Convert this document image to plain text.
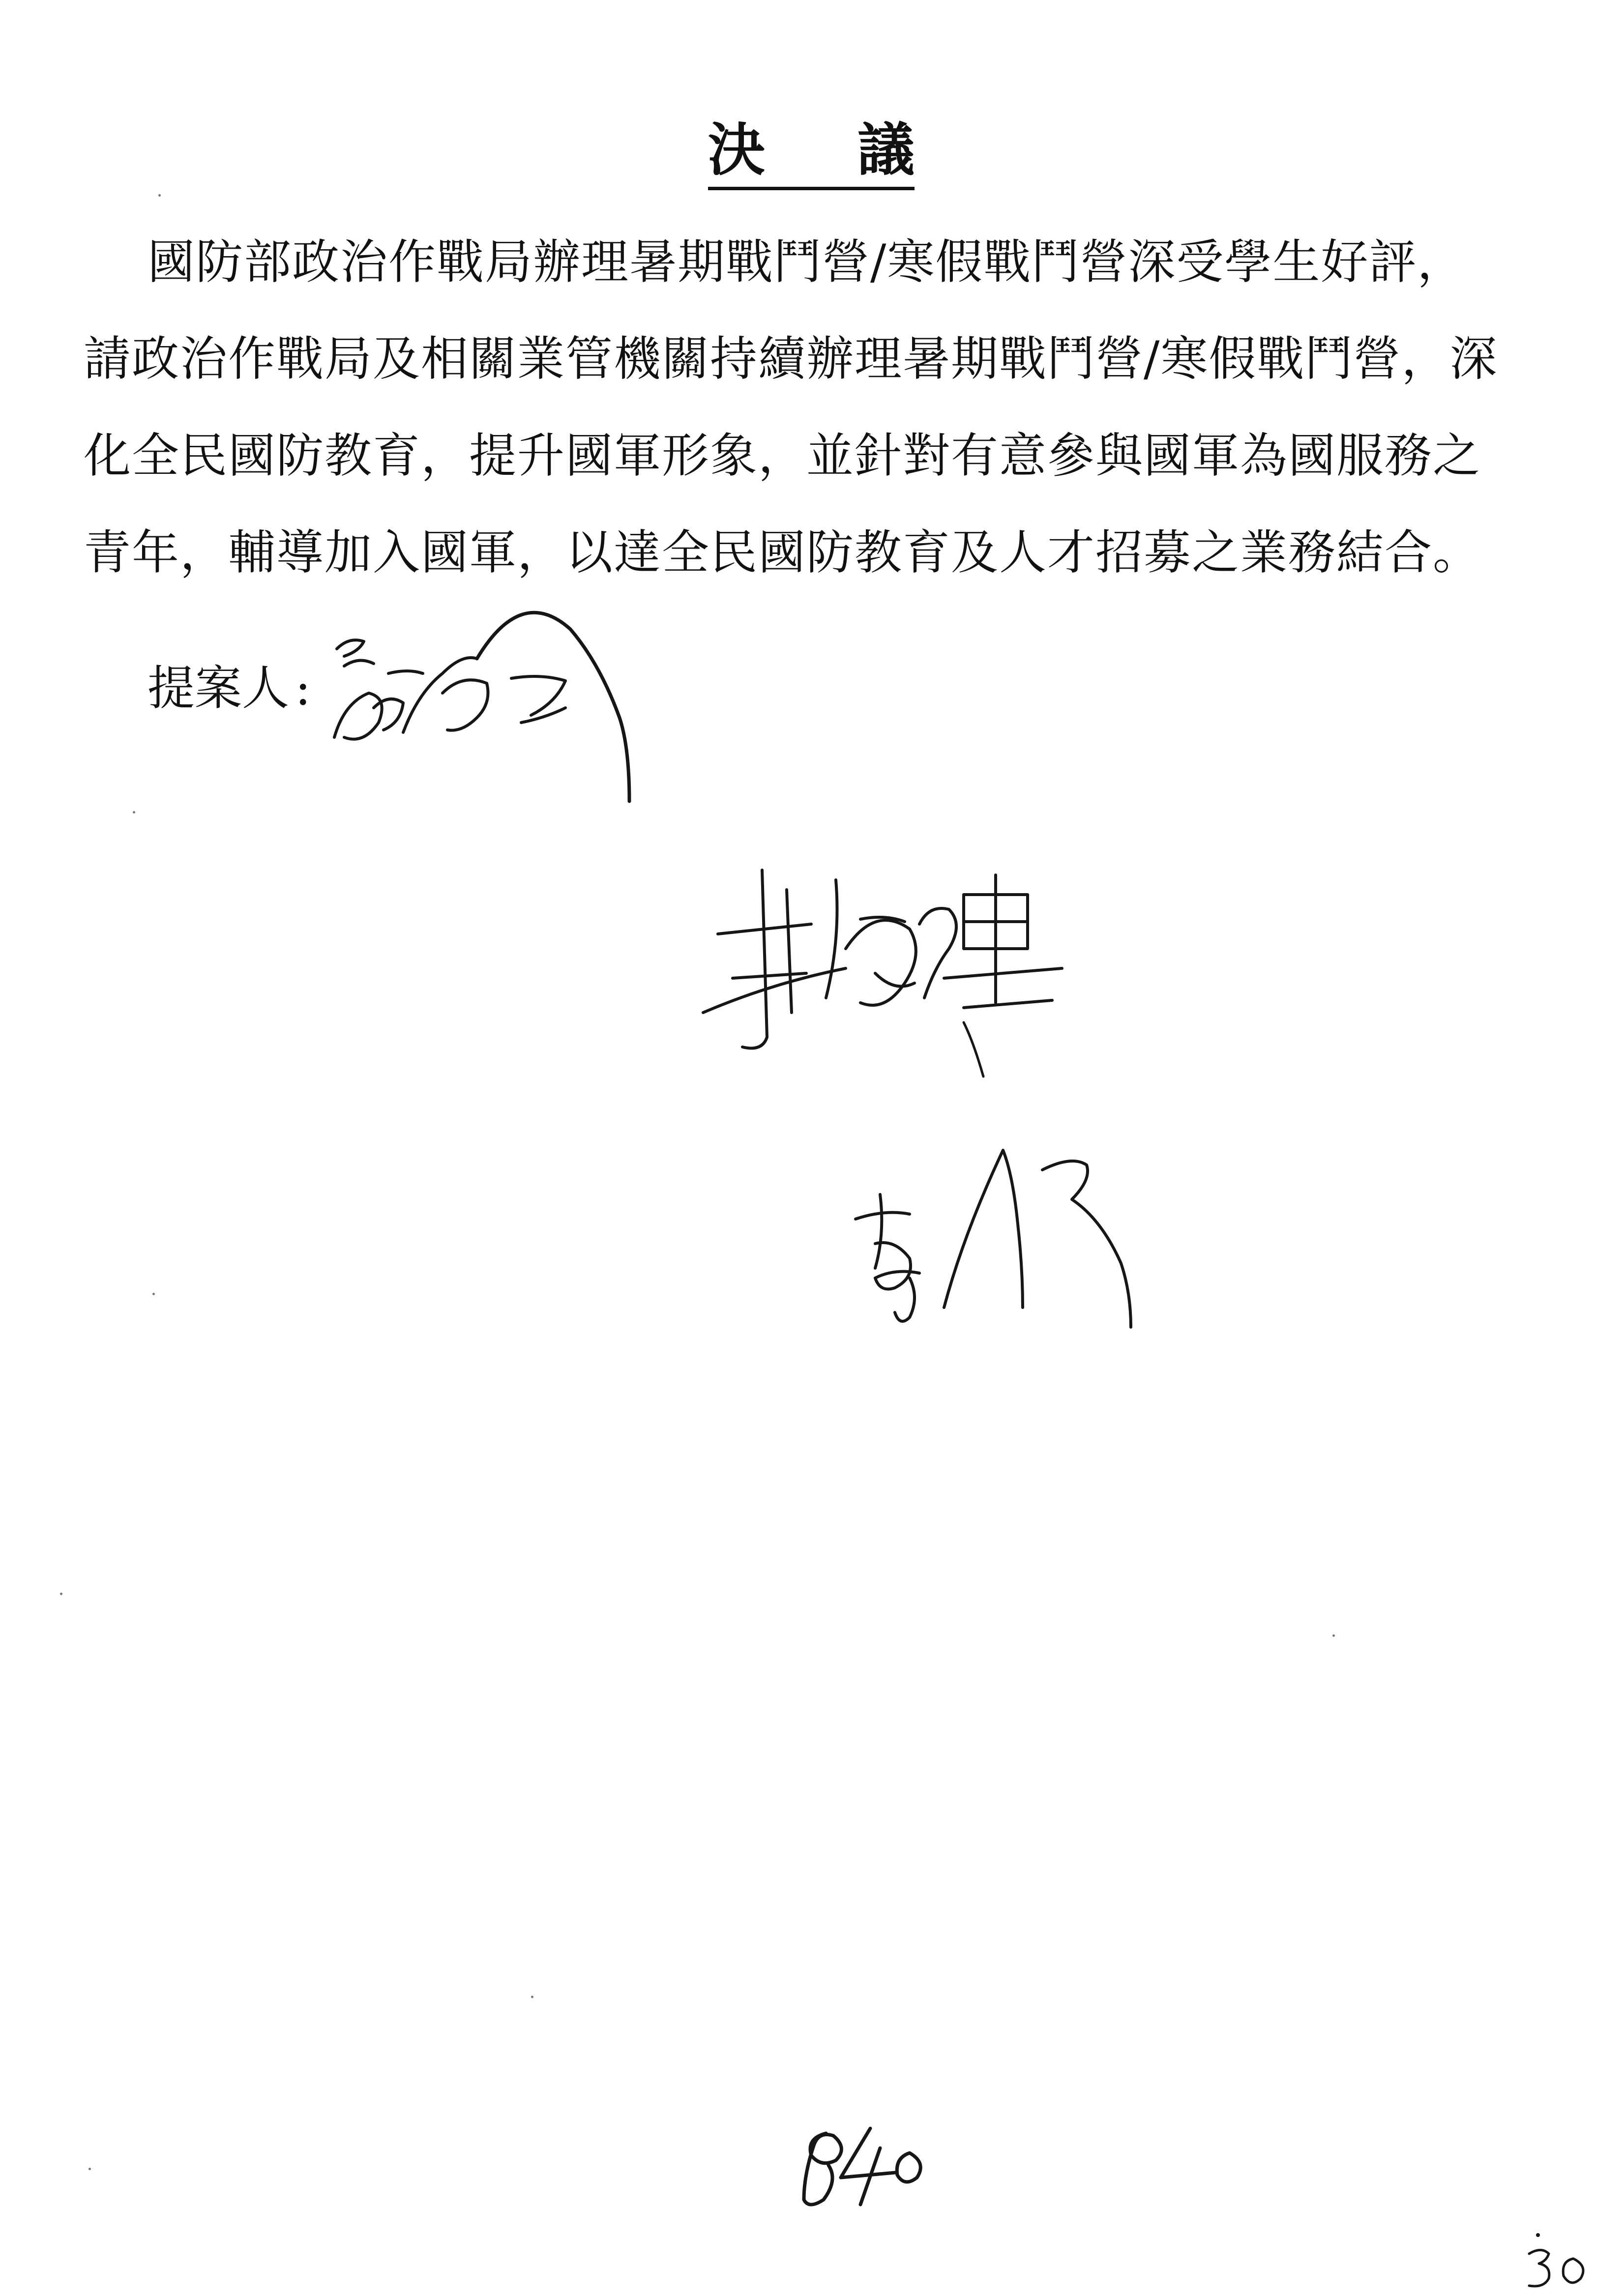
決 議
國防部政治作戰局辦理暑期戰鬥營/寒假戰鬥營深受學生好評，
請政治作戰局及相關業管機關持續辦理暑期戰鬥營/寒假戰鬥營，深
化全民國防教育，提升國軍形象，並針對有意參與國軍為國服務之
青年，輔導加入國軍，以達全民國防教育及人才招募之業務結合。
提案人 :
